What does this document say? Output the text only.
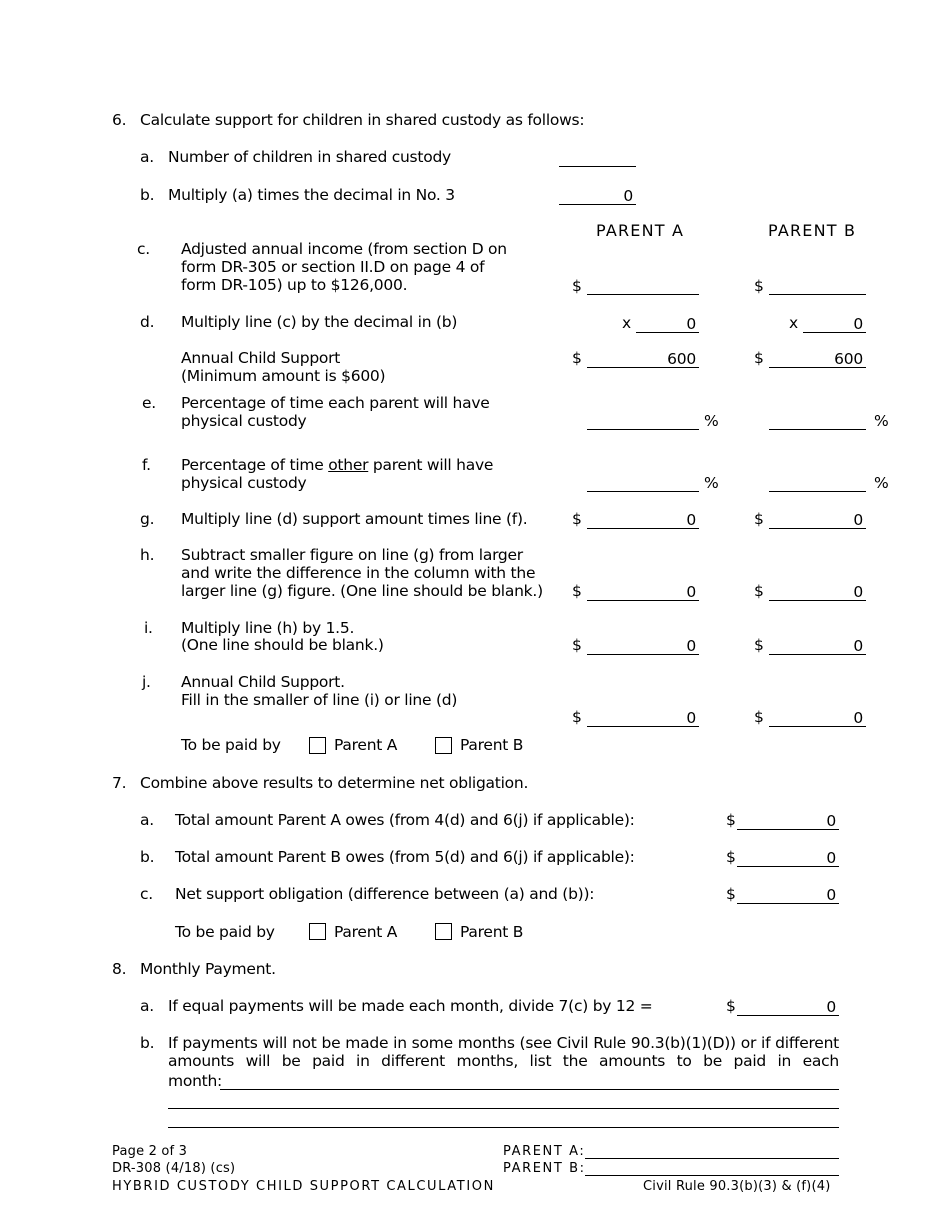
6. Calculate support for children in shared custody as follows:
a. Number of children in shared custody
b. Multiply (a) times the decimal in No. 3	0
PARENT A	PARENT B
c. Adjusted annual income (from section D on
form DR-305 or section II.D on page 4 of
form DR-105) up to $126,000.	$	$
d. Multiply line (c) by the decimal in (b)	x	0	x	0
Annual Child Support
(Minimum amount is $600)
$	600	$	600
e. Percentage of time each parent will have
physical custody	%	%
f. Percentage of time other parent will have
physical custody	%	%
g. Multiply line (d) support amount times line (f).	$	0	$	0
h. Subtract smaller figure on line (g) from larger
and write the difference in the column with the
larger line (g) figure. (One line should be blank.) $	0	$	0
i. Multiply line (h) by 1.5.
(One line should be blank.)	$	0	$	0
j. Annual Child Support.
Fill in the smaller of line (i) or line (d)
$	0	$	0
To be paid by	Parent A	Parent B
7. Combine above results to determine net obligation.
a. Total amount Parent A owes (from 4(d) and 6(j) if applicable):	$	0
b. Total amount Parent B owes (from 5(d) and 6(j) if applicable):	$	0
c. Net support obligation (difference between (a) and (b)):	$	0
To be paid by	Parent A	Parent B
8. Monthly Payment.
a. If equal payments will be made each month, divide 7(c) by 12 =	$	0
b. If payments will not be made in some months (see Civil Rule 90.3(b)(1)(D)) or if different amounts will be paid in different months, list the amounts to be paid in each
month:
Page 2 of 3
DR-308 (4/18) (cs)
HYBRID CUSTODY CHILD SUPPORT CALCULATION
PARENT A:
PARENT B:
Civil Rule 90.3(b)(3) & (f)(4)
